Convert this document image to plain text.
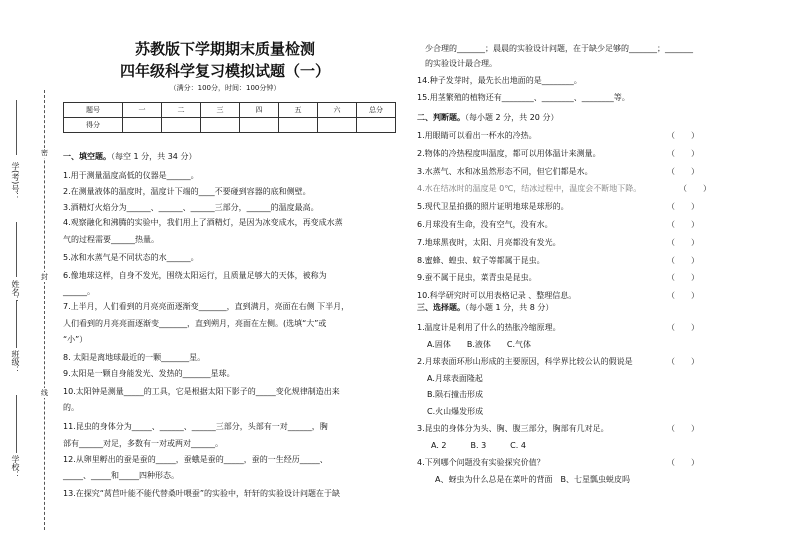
密
封
线
学(考)号：
姓名：
班级：
学校：
苏教版下学期期末质量检测
四年级科学复习模拟试题（一）
（满分：100分，时间：100分钟）
题号	一	二	三	四	五	六	总分
得分							
一、填空题。（每空 1 分，共 34 分）
1.用于测量温度高低的仪器是______。
2.在测量液体的温度时，温度计下端的____不要碰到容器的底和侧壁。
3.酒精灯火焰分为______、______、______三部分，______的温度最高。
4.观察融化和沸腾的实验中，我们用上了酒精灯，是因为冰变成水，再变成水蒸
气的过程需要______热量。
5.冰和水蒸气是不同状态的水______。
6.像地球这样，自身不发光，围绕太阳运行，且质量足够大的天体，被称为
______。
7.上半月，人们看到的月亮亮面逐渐变_______，直到满月，亮面在右侧 下半月，
人们看到的月亮亮面逐渐变_______，直到朔月，亮面在左侧。(选填“大”或
“小”）
8. 太阳是离地球最近的一颗_______星。
9.太阳是一颗自身能发光、发热的_______星球。
10.太阳钟是测量_____的工具，它是根据太阳下影子的_____变化规律制造出来
的。
11.昆虫的身体分为_____、______、______三部分，头部有一对______，胸
部有______对足，多数有一对或两对______。
12.从卵里孵出的蚕是蚕的_____，蚕蛾是蚕的_____，蚕的一生经历_____、
_____、_____和_____四种形态。
13.在探究“莴苣叶能不能代替桑叶喂蚕”的实验中，轩轩的实验设计问题在于缺
少合理的_______；晨晨的实验设计问题，在于缺少足够的_______；_______
的实验设计最合理。
14.种子发芽时，最先长出地面的是________。
15.用茎繁殖的植物还有________、________、________等。
二、判断题。（每小题 2 分，共 20 分）
1.用眼睛可以看出一杯水的冷热。	（　　）
2.物体的冷热程度叫温度，都可以用体温计来测量。	（　　）
3.水蒸气、水和冰虽然形态不同，但它们都是水。	（　　）
4.水在结冰时的温度是 0℃，结冰过程中，温度会不断地下降。	（　　）
5.现代卫星拍摄的照片证明地球是球形的。	（　　）
6.月球没有生命，没有空气，没有水。	（　　）
7.地球黑夜时，太阳、月亮都没有发光。	（　　）
8.蜜蜂、蝗虫、蚊子等都属于昆虫。	（　　）
9.蚕不属于昆虫，菜青虫是昆虫。	（　　）
10.科学研究时可以用表格记录 、整理信息。	（　　）
三、选择题。（每小题 1 分，共 8 分）
1.温度计是利用了什么的热胀冷缩原理。	（　　）
A.固体　　B.液体　　C.气体
2.月球表面环形山形成的主要原因，科学界比较公认的假说是	（　　）
A.月球表面隆起
B.陨石撞击形成
C.火山爆发形成
3.昆虫的身体分为头、胸、腹三部分，胸部有几对足。	（　　）
A. 2　　　B. 3　　　C. 4
4.下列哪个问题没有实验探究价值？	（　　）
A、蚜虫为什么总是在菜叶的背面　B、七星瓢虫蜕皮吗
